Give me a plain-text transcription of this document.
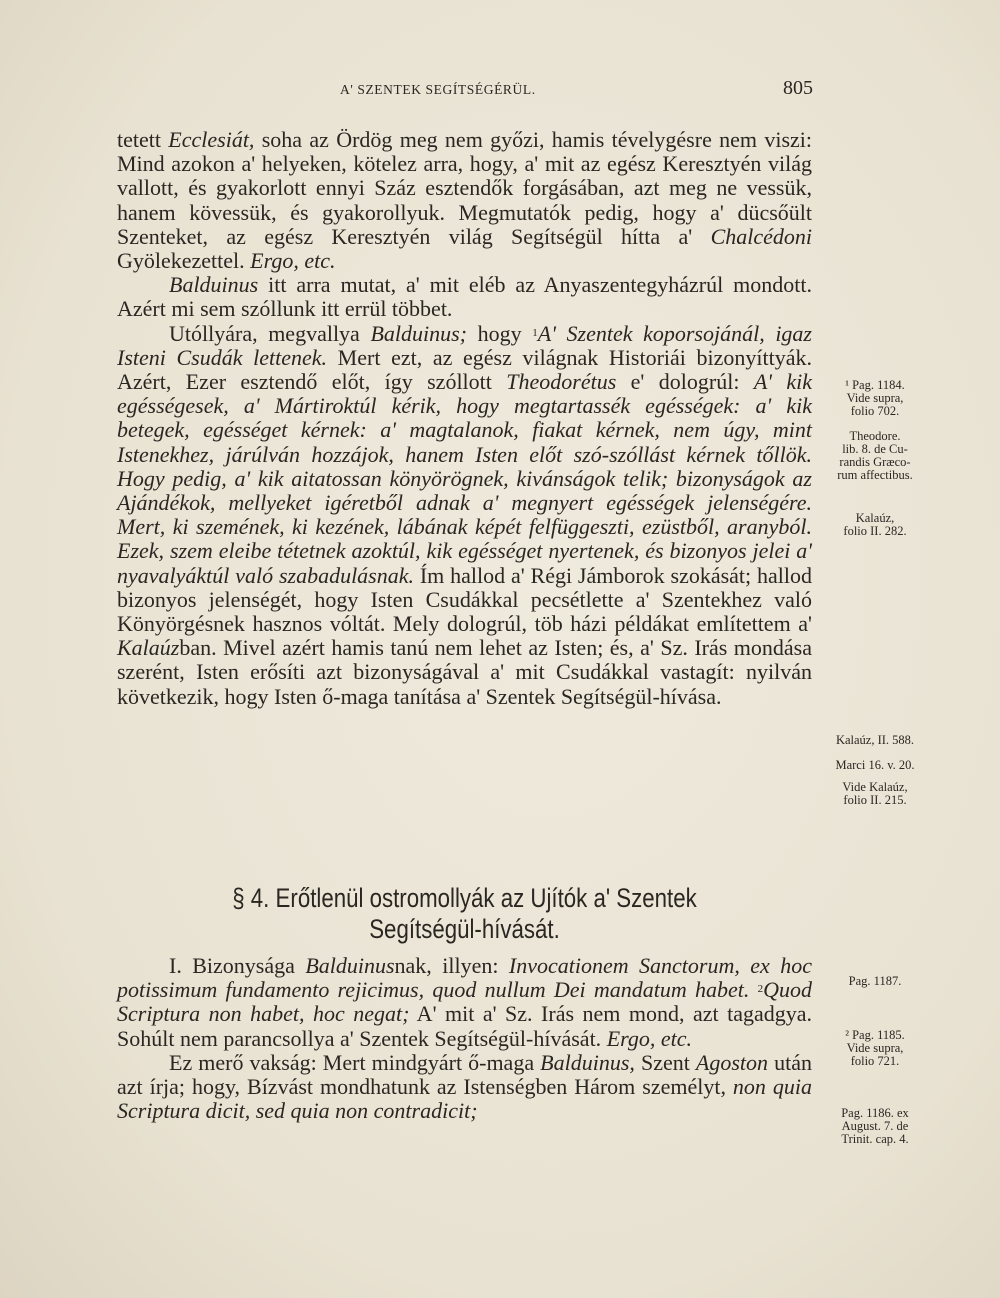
A' SZENTEK SEGÍTSÉGÉRÜL.	805

tetett Ecclesiát, soha az Ördög meg nem győzi, hamis tévelygésre nem viszi: Mind azokon a' helyeken, kötelez arra, hogy, a' mit az egész Keresztyén világ vallott, és gyakorlott ennyi Száz esztendők forgásában, azt meg ne vessük, hanem kövessük, és gyakorollyuk. Megmutatók pedig, hogy a' dücsőült Szenteket, az egész Keresztyén világ Segítségül hítta a' Chalcédoni Gyölekezettel. Ergo, etc.

Balduinus itt arra mutat, a' mit eléb az Anyaszentegyházrúl mondott. Azért mi sem szóllunk itt errül többet.

Utóllyára, megvallya Balduinus; hogy $^1$A' Szentek koporsojánál, igaz Isteni Csudák lettenek. Mert ezt, az egész világnak Historiái bizonyíttyák. Azért, Ezer esztendő előt, így szóllott Theodorétus e' dologrúl: A' kik egésségesek, a' Mártiroktúl kérik, hogy megtartassék egésségek: a' kik betegek, egésséget kérnek: a' magtalanok, fiakat kérnek, nem úgy, mint Istenekhez, járúlván hozzájok, hanem Isten előt szó-szóllást kérnek tőllök. Hogy pedig, a' kik aitatossan könyörögnek, kivánságok telik; bizonyságok az Ajándékok, mellyeket igéretből adnak a' megnyert egésségek jelenségére. Mert, ki szemének, ki kezének, lábának képét felfüggeszti, ezüstből, aranyból. Ezek, szem eleibe tétetnek azoktúl, kik egésséget nyertenek, és bizonyos jelei a' nyavalyáktúl való szabadulásnak. Ím hallod a' Régi Jámborok szokását; hallod bizonyos jelenségét, hogy Isten Csudákkal pecsétlette a' Szentekhez való Könyörgésnek hasznos vóltát. Mely dologrúl, töb házi példákat említettem a' Kalaúzban. Mivel azért hamis tanú nem lehet az Isten; és, a' Sz. Irás mondása szerént, Isten erősíti azt bizonyságával a' mit Csudákkal vastagít: nyilván következik, hogy Isten ő-maga tanítása a' Szentek Segítségül-hívása.

§ 4. Erőtlenül ostromollyák az Ujítók a' Szentek
Segítségül-hívását.

I. Bizonysága Balduinusnak, illyen: Invocationem Sanctorum, ex hoc potissimum fundamento rejicimus, quod nullum Dei mandatum habet. $^2$Quod Scriptura non habet, hoc negat; A' mit a' Sz. Irás nem mond, azt tagadgya. Sohúlt nem parancsollya a' Szentek Segítségül-hívását. Ergo, etc.

Ez merő vakság: Mert mindgyárt ő-maga Balduinus, Szent Agoston után azt írja; hogy, Bízvást mondhatunk az Istenségben Három személyt, non quia Scriptura dicit, sed quia non contradicit;

¹ Pag. 1184.
Vide supra,
folio 702.
Theodore.
lib. 8. de Cu-
randis Græco-
rum affectibus.
Kalaúz,
folio II. 282.
Kalaúz, II. 588.
Marci 16. v. 20.
Vide Kalaúz,
folio II. 215.
Pag. 1187.
² Pag. 1185.
Vide supra,
folio 721.
Pag. 1186. ex
August. 7. de
Trinit. cap. 4.
